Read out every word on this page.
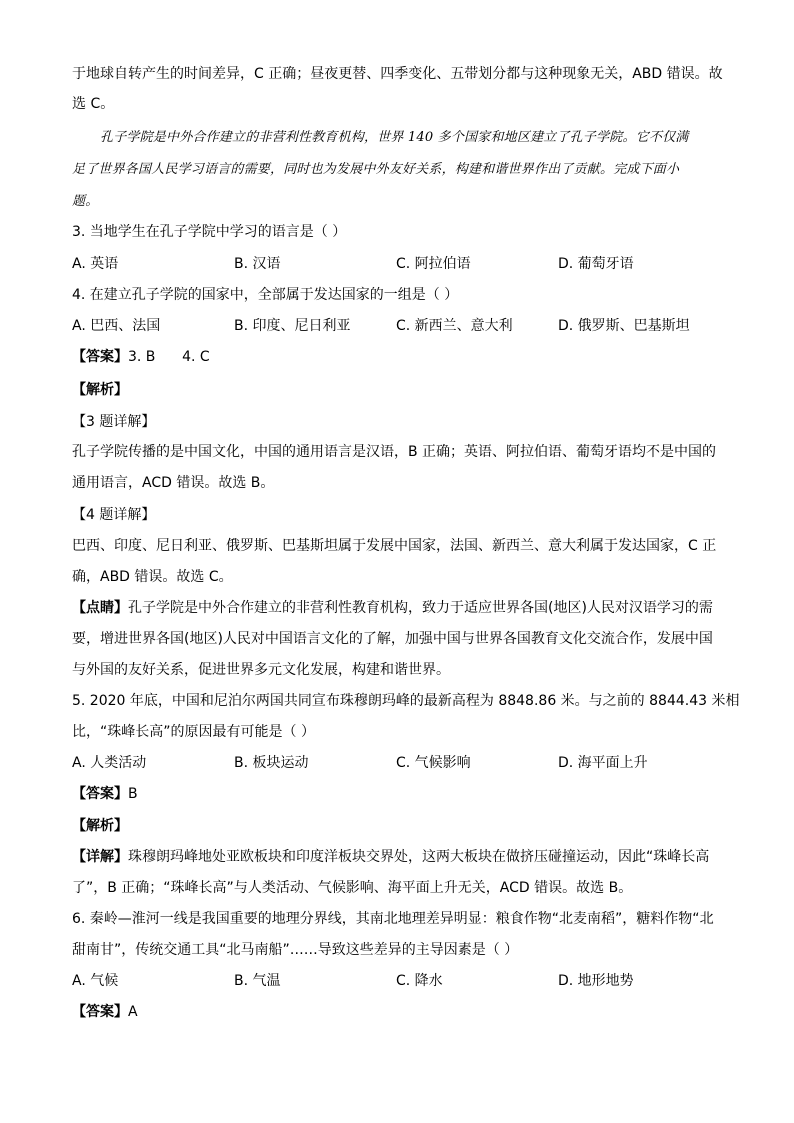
于地球自转产生的时间差异，C 正确；昼夜更替、四季变化、五带划分都与这种现象无关，ABD 错误。故
选 C。
孔子学院是中外合作建立的非营利性教育机构，世界 140 多个国家和地区建立了孔子学院。它不仅满
足了世界各国人民学习语言的需要，同时也为发展中外友好关系，构建和谐世界作出了贡献。完成下面小
题。
3. 当地学生在孔子学院中学习的语言是（ ）
A. 英语	B. 汉语	C. 阿拉伯语	D. 葡萄牙语
4. 在建立孔子学院的国家中，全部属于发达国家的一组是（ ）
A. 巴西、法国	B. 印度、尼日利亚	C. 新西兰、意大利	D. 俄罗斯、巴基斯坦
【答案】3. B      4. C
【解析】
【3 题详解】
孔子学院传播的是中国文化，中国的通用语言是汉语，B 正确；英语、阿拉伯语、葡萄牙语均不是中国的
通用语言，ACD 错误。故选 B。
【4 题详解】
巴西、印度、尼日利亚、俄罗斯、巴基斯坦属于发展中国家，法国、新西兰、意大利属于发达国家，C 正
确，ABD 错误。故选 C。
【点睛】孔子学院是中外合作建立的非营利性教育机构，致力于适应世界各国(地区)人民对汉语学习的需
要，增进世界各国(地区)人民对中国语言文化的了解，加强中国与世界各国教育文化交流合作，发展中国
与外国的友好关系，促进世界多元文化发展，构建和谐世界。
5. 2020 年底，中国和尼泊尔两国共同宣布珠穆朗玛峰的最新高程为 8848.86 米。与之前的 8844.43 米相
比，“珠峰长高”的原因最有可能是（ ）
A. 人类活动	B. 板块运动	C. 气候影响	D. 海平面上升
【答案】B
【解析】
【详解】珠穆朗玛峰地处亚欧板块和印度洋板块交界处，这两大板块在做挤压碰撞运动，因此“珠峰长高
了”，B 正确；“珠峰长高”与人类活动、气候影响、海平面上升无关，ACD 错误。故选 B。
6. 秦岭—淮河一线是我国重要的地理分界线，其南北地理差异明显：粮食作物“北麦南稻”，糖料作物“北
甜南甘”，传统交通工具“北马南船”……导致这些差异的主导因素是（ ）
A. 气候	B. 气温	C. 降水	D. 地形地势
【答案】A
